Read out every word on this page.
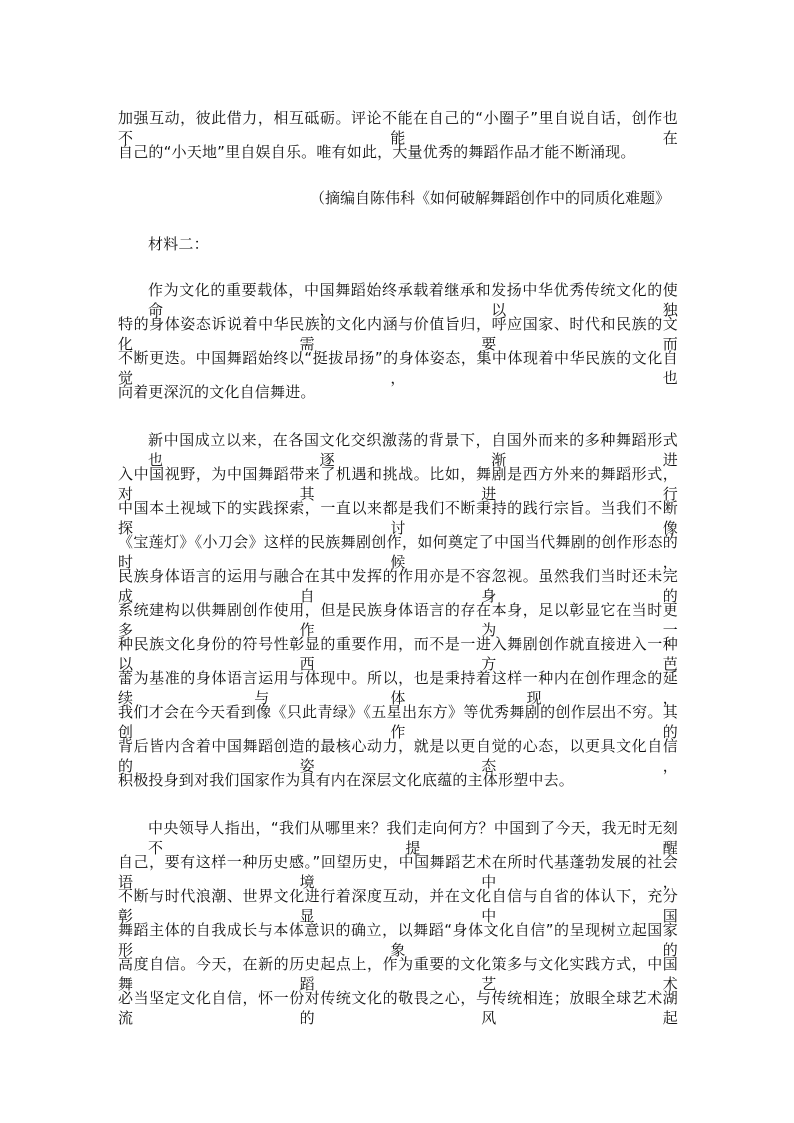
加强互动，彼此借力，相互砥砺。评论不能在自己的“小圈子”里自说自话，创作也不能在
自己的“小天地”里自娱自乐。唯有如此，大量优秀的舞蹈作品才能不断涌现。
（摘编自陈伟科《如何破解舞蹈创作中的同质化难题》
材料二：
作为文化的重要载体，中国舞蹈始终承载着继承和发扬中华优秀传统文化的使命，以独
特的身体姿态诉说着中华民族的文化内涵与价值旨归，呼应国家、时代和民族的文化需要而
不断更迭。中国舞蹈始终以“挺拔昂扬”的身体姿态，集中体现着中华民族的文化自觉，也
向着更深沉的文化自信舞进。
新中国成立以来，在各国文化交织激荡的背景下，自国外而来的多种舞蹈形式也逐渐进
入中国视野，为中国舞蹈带来了机遇和挑战。比如，舞剧是西方外来的舞蹈形式，对其进行
中国本土视域下的实践探索，一直以来都是我们不断秉持的践行宗旨。当我们不断探讨像
《宝莲灯》《小刀会》这样的民族舞剧创作，如何奠定了中国当代舞剧的创作形态的时候，
民族身体语言的运用与融合在其中发挥的作用亦是不容忽视。虽然我们当时还未完成自身的
系统建构以供舞剧创作使用，但是民族身体语言的存在本身，足以彰显它在当时更多作为一
种民族文化身份的符号性彰显的重要作用，而不是一进入舞剧创作就直接进入一种以西方芭
蕾为基准的身体语言运用与体现中。所以，也是秉持着这样一种内在创作理念的延续与体现，
我们才会在今天看到像《只此青绿》《五星出东方》等优秀舞剧的创作层出不穷。其创作的
背后皆内含着中国舞蹈创造的最核心动力，就是以更自觉的心态，以更具文化自信的姿态，
积极投身到对我们国家作为具有内在深层文化底蕴的主体形塑中去。
中央领导人指出，“我们从哪里来？我们走向何方？中国到了今天，我无时无刻不提醒
自己，要有这样一种历史感。”回望历史，中国舞蹈艺术在所时代基蓬勃发展的社会语境中，
不断与时代浪潮、世界文化进行着深度互动，并在文化自信与自省的体认下，充分彰显中国
舞蹈主体的自我成长与本体意识的确立，以舞蹈“身体文化自信”的呈现树立起国家形象的
高度自信。今天，在新的历史起点上，作为重要的文化策多与文化实践方式，中国舞蹈艺术
必当坚定文化自信，怀一份对传统文化的敬畏之心，与传统相连；放眼全球艺术湖流的风起
